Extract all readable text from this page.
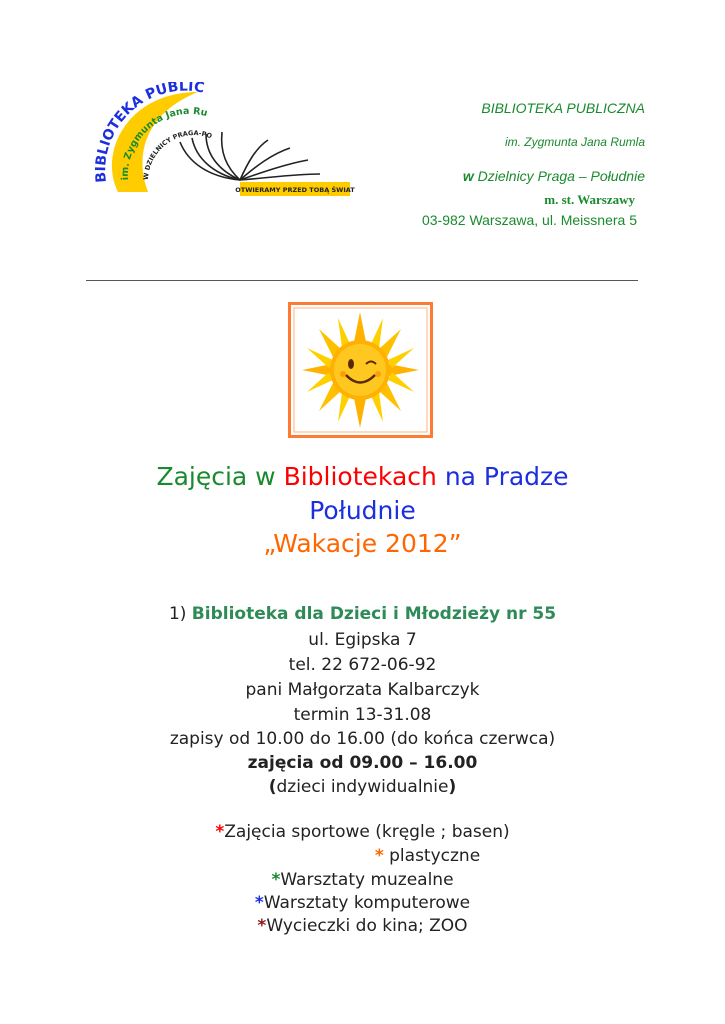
BIBLIOTEKA PUBLIC
im. Zygmunta Jana Ru
W DZIELNICY PRAGA-PO
OTWIERAMY PRZED TOBĄ ŚWIAT
BIBLIOTEKA PUBLICZNA
im. Zygmunta Jana Rumla
w Dzielnicy Praga – Południe
m. st. Warszawy
03-982 Warszawa, ul. Meissnera 5
Zajęcia w Bibliotekach na Pradze
Południe
„Wakacje 2012”
1) Biblioteka dla Dzieci i Młodzieży nr 55
ul. Egipska 7
tel. 22 672-06-92
pani Małgorzata Kalbarczyk
termin 13-31.08
zapisy od 10.00 do 16.00 (do końca czerwca)
zajęcia od 09.00 – 16.00
(dzieci indywidualnie)
*Zajęcia sportowe (kręgle ; basen)
* plastyczne
*Warsztaty muzealne
*Warsztaty komputerowe
*Wycieczki do kina; ZOO
